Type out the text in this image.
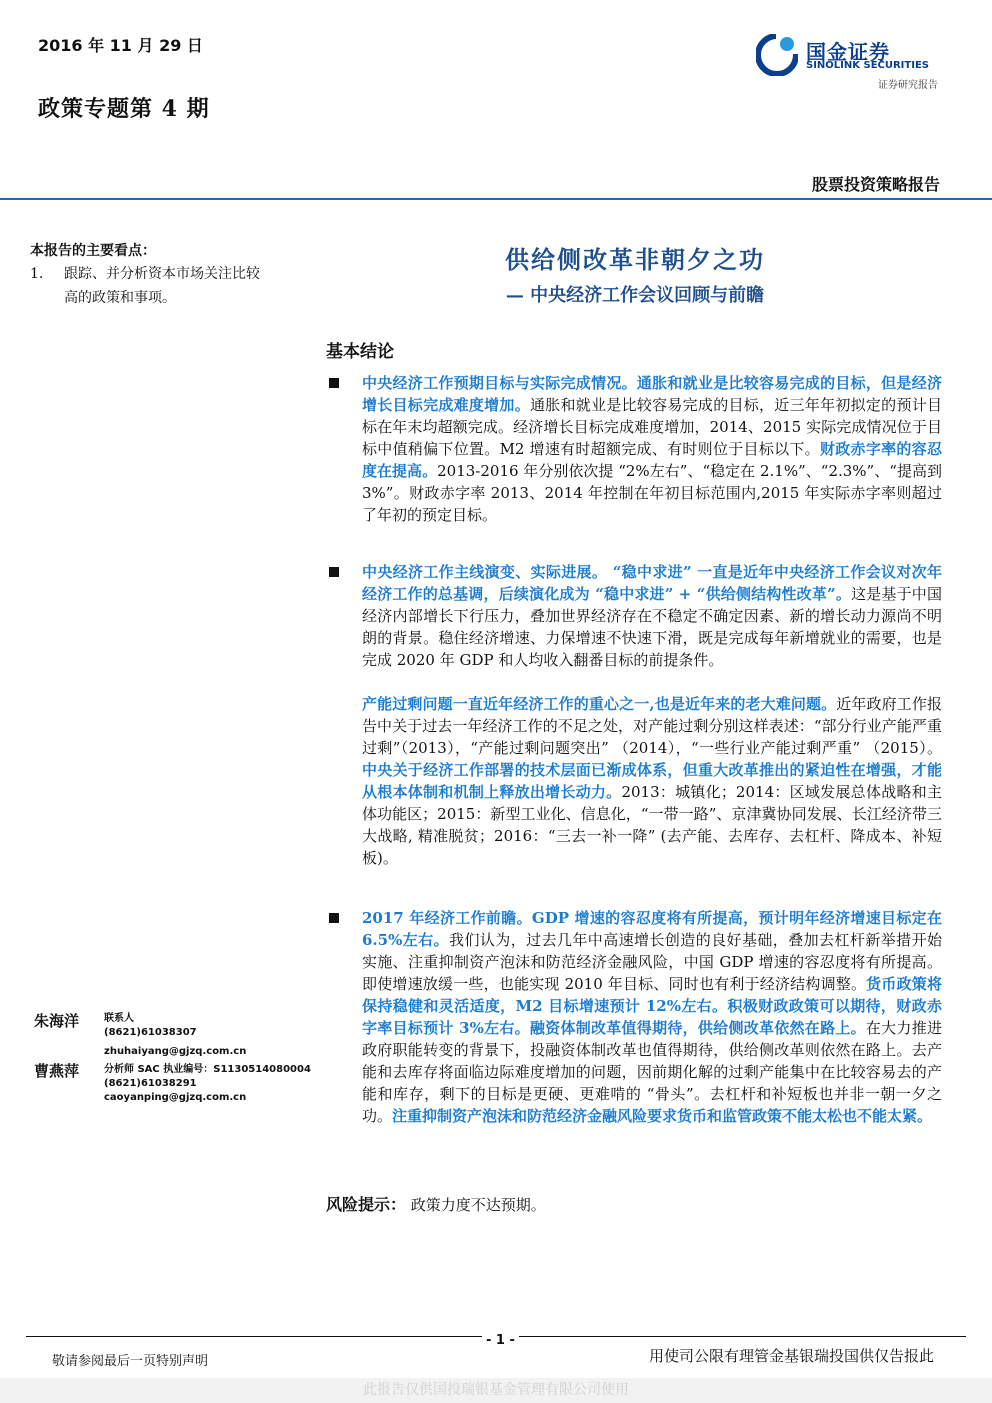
2016 年 11 月 29 日
政策专题第 4 期
国金证券
SINOLINK SECURITIES
证券研究报告
股票投资策略报告
本报告的主要看点：
1. 跟踪、并分析资本市场关注比较高的政策和事项。
供给侧改革非朝夕之功
— 中央经济工作会议回顾与前瞻
基本结论
中央经济工作预期目标与实际完成情况。通胀和就业是比较容易完成的目标，但是经济增长目标完成难度增加。通胀和就业是比较容易完成的目标，近三年年初拟定的预计目标在年末均超额完成。经济增长目标完成难度增加，2014、2015 实际完成情况位于目标中值稍偏下位置。M2 增速有时超额完成、有时则位于目标以下。财政赤字率的容忍度在提高。2013-2016 年分别依次提 “2%左右”、“稳定在 2.1%”、“2.3%”、“提高到 3%”。财政赤字率 2013、2014 年控制在年初目标范围内,2015 年实际赤字率则超过了年初的预定目标。
中央经济工作主线演变、实际进展。 “稳中求进” 一直是近年中央经济工作会议对次年经济工作的总基调，后续演化成为 “稳中求进” + “供给侧结构性改革”。这是基于中国经济内部增长下行压力，叠加世界经济存在不稳定不确定因素、新的增长动力源尚不明朗的背景。稳住经济增速、力保增速不快速下滑，既是完成每年新增就业的需要，也是完成 2020 年 GDP 和人均收入翻番目标的前提条件。
产能过剩问题一直近年经济工作的重心之一,也是近年来的老大难问题。近年政府工作报告中关于过去一年经济工作的不足之处，对产能过剩分别这样表述：“部分行业产能严重过剩”（2013），“产能过剩问题突出” （2014），“一些行业产能过剩严重” （2015）。中央关于经济工作部署的技术层面已渐成体系，但重大改革推出的紧迫性在增强，才能从根本体制和机制上释放出增长动力。2013：城镇化；2014：区域发展总体战略和主体功能区；2015：新型工业化、信息化，“一带一路”、京津冀协同发展、长江经济带三大战略, 精准脱贫；2016：“三去一补一降” (去产能、去库存、去杠杆、降成本、补短板)。
2017 年经济工作前瞻。GDP 增速的容忍度将有所提高，预计明年经济增速目标定在 6.5%左右。我们认为，过去几年中高速增长创造的良好基础，叠加去杠杆新举措开始实施、注重抑制资产泡沫和防范经济金融风险，中国 GDP 增速的容忍度将有所提高。即使增速放缓一些，也能实现 2010 年目标、同时也有利于经济结构调整。货币政策将保持稳健和灵活适度，M2 目标增速预计 12%左右。积极财政政策可以期待，财政赤字率目标预计 3%左右。融资体制改革值得期待，供给侧改革依然在路上。在大力推进政府职能转变的背景下，投融资体制改革也值得期待，供给侧改革则依然在路上。去产能和去库存将面临边际难度增加的问题，因前期化解的过剩产能集中在比较容易去的产能和库存，剩下的目标是更硬、更难啃的 “骨头”。去杠杆和补短板也并非一朝一夕之功。注重抑制资产泡沫和防范经济金融风险要求货币和监管政策不能太松也不能太紧。
朱海洋 联系人
(8621)61038307
zhuhaiyang@gjzq.com.cn
曹燕萍 分析师 SAC 执业编号：S1130514080004
(8621)61038291
caoyanping@gjzq.com.cn
风险提示： 政策力度不达预期。
- 1 -
敬请参阅最后一页特别声明	用使司公限有理管金基银瑞投国供仅告报此
此报告仅供国投瑞银基金管理有限公司使用
